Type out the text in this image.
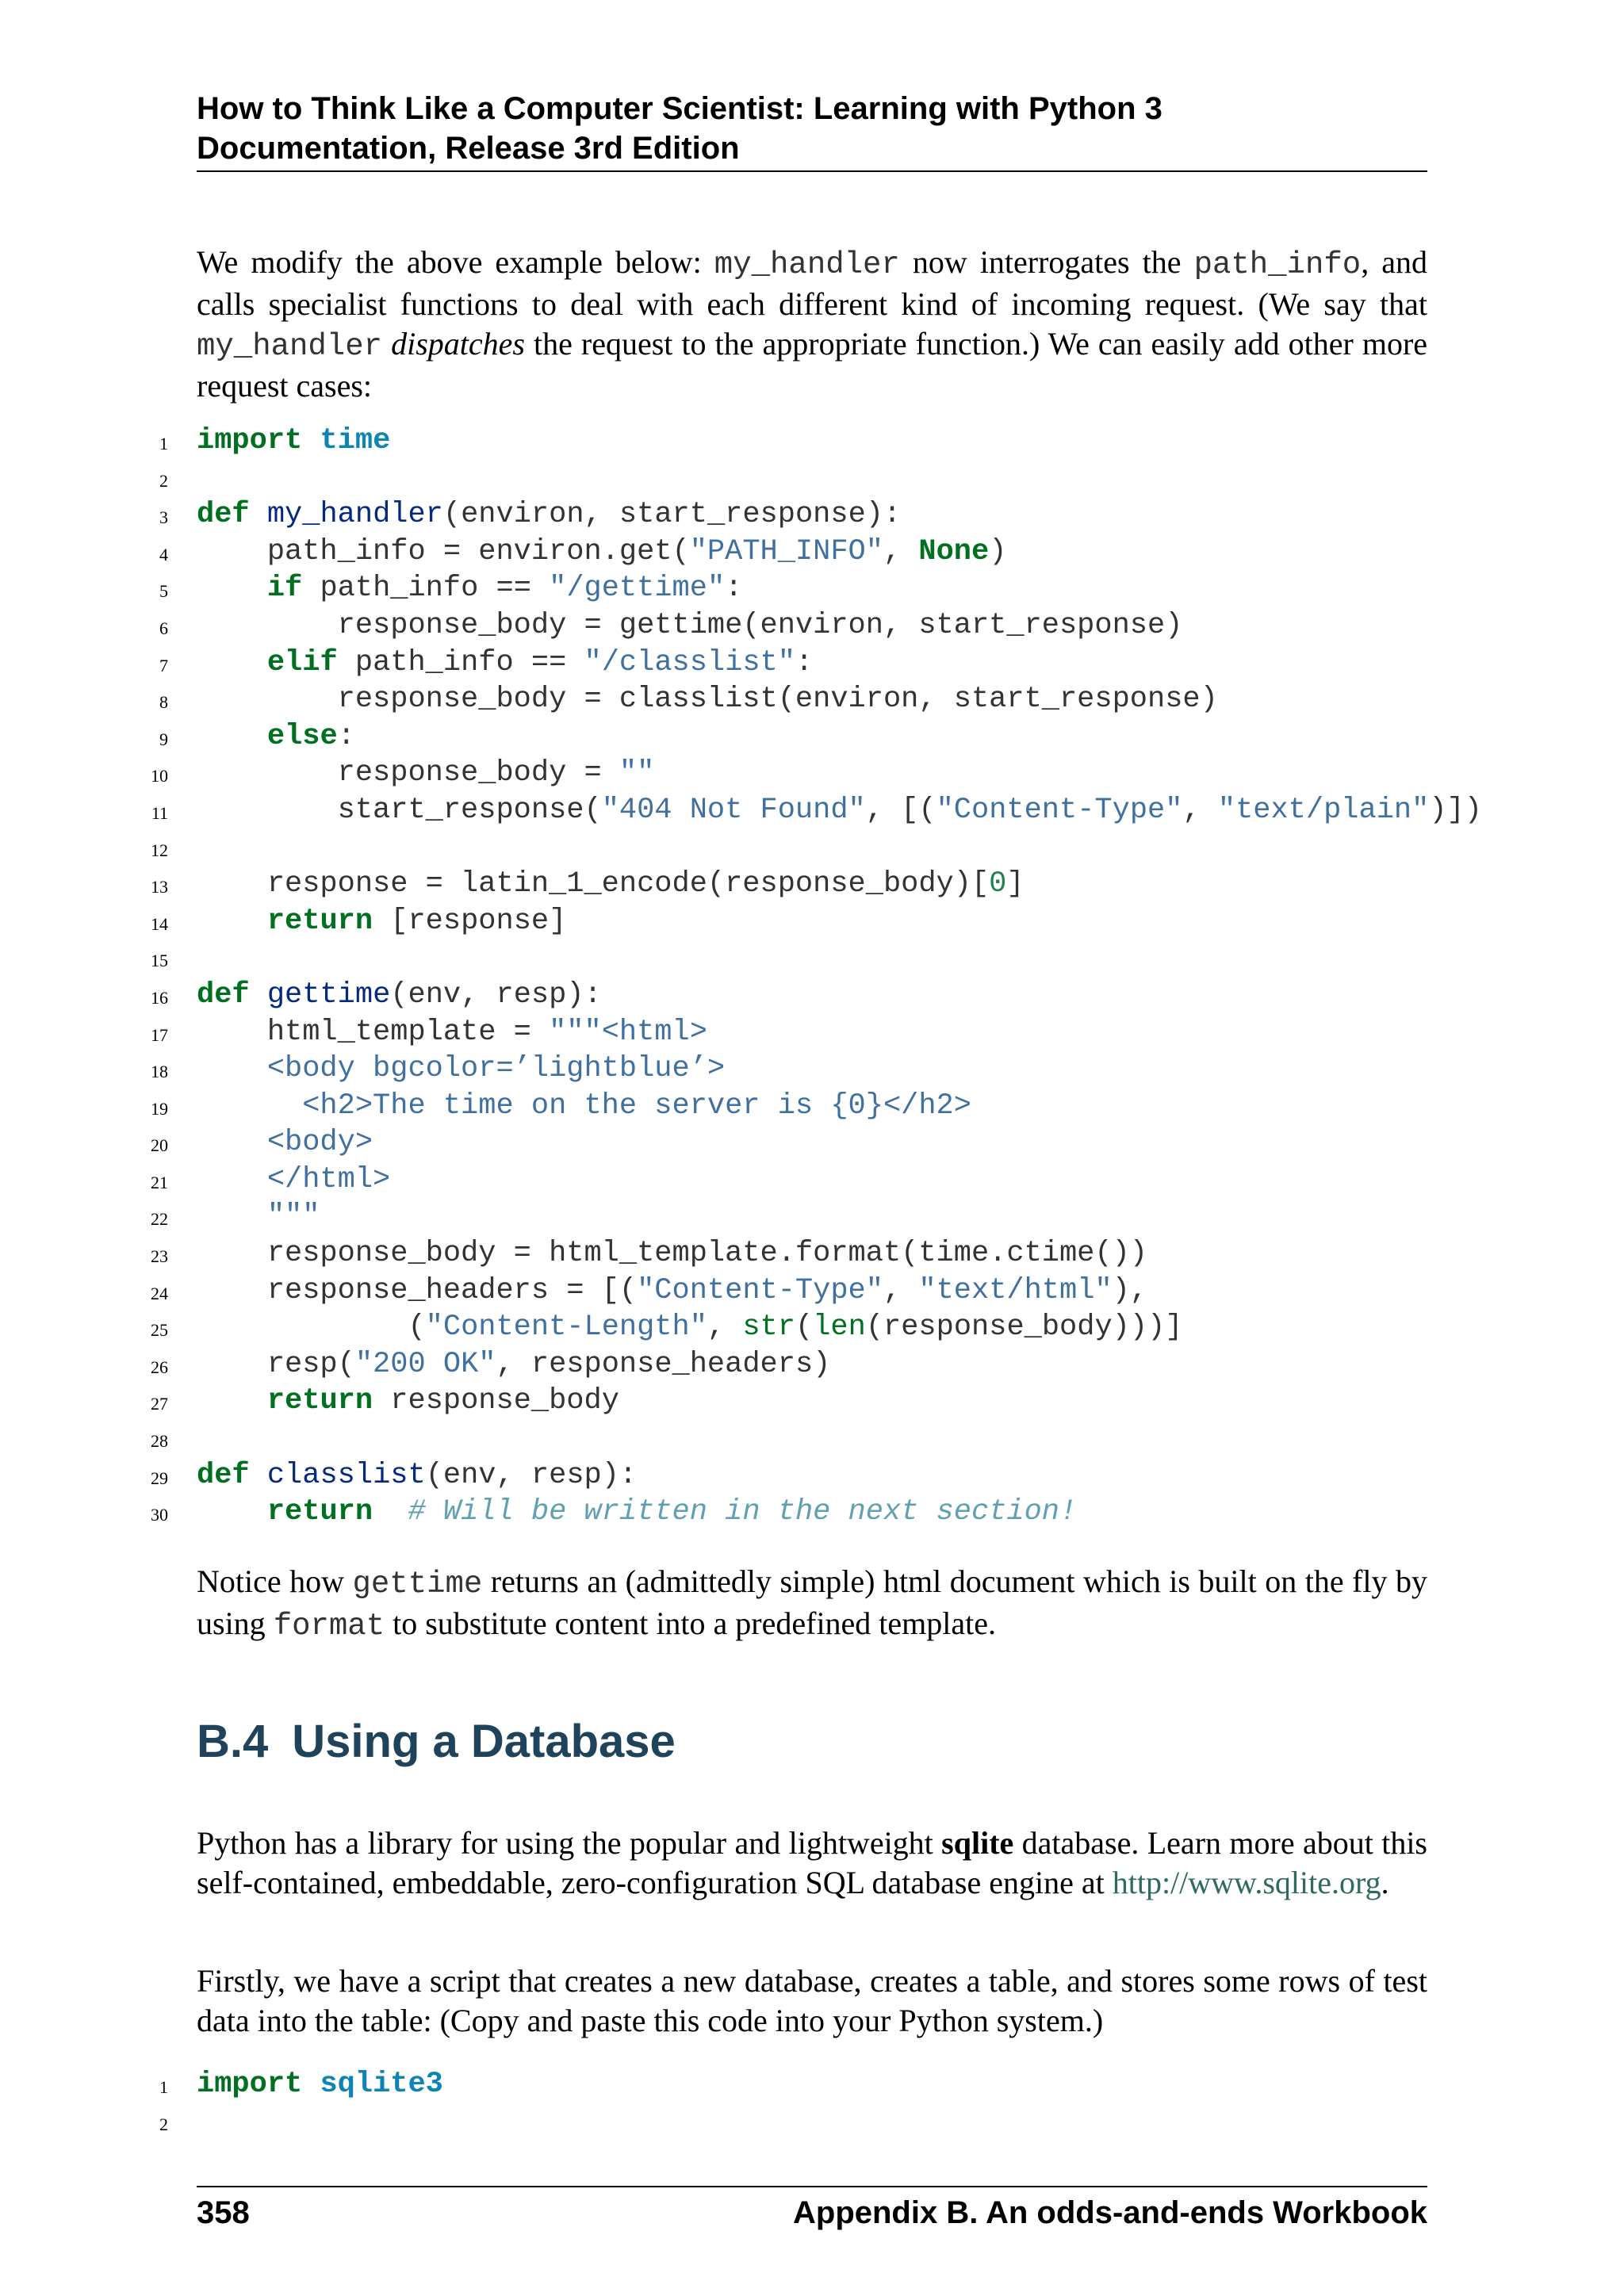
How to Think Like a Computer Scientist: Learning with Python 3
Documentation, Release 3rd Edition

We modify the above example below: my_handler now interrogates the path_info, and calls specialist functions to deal with each different kind of incoming request. (We say that my_handler dispatches the request to the appropriate function.) We can easily add other more request cases:

1 import time
2
3 def my_handler(environ, start_response):
4 path_info = environ.get("PATH_INFO", None)
5	if path_info == "/gettime":
6 response_body = gettime(environ, start_response)
7	elif path_info == "/classlist":
8 response_body = classlist(environ, start_response)
9	else:
10 response_body = ""
11 start_response("404 Not Found", [("Content-Type", "text/plain")])
12
13 response = latin_1_encode(response_body)[0]
14	return [response]
15
16 def gettime(env, resp):
17 html_template = """<html>
18 <body bgcolor=’lightblue’>
19 <h2>The time on the server is {0}</h2>
20 <body>
21 </html>
22 """
23 response_body = html_template.format(time.ctime())
24 response_headers = [("Content-Type", "text/html"),
25 ("Content-Length", str(len(response_body)))]
26 resp("200 OK", response_headers)
27	return response_body
28
29 def classlist(env, resp):
30	return  # Will be written in the next section!

Notice how gettime returns an (admittedly simple) html document which is built on the fly by using format to substitute content into a predefined template.

B.4 Using a Database

Python has a library for using the popular and lightweight sqlite database. Learn more about this self-contained, embeddable, zero-configuration SQL database engine at http://www.sqlite.org.

Firstly, we have a script that creates a new database, creates a table, and stores some rows of test data into the table: (Copy and paste this code into your Python system.)

1 import sqlite3
2
358	Appendix B. An odds-and-ends Workbook
